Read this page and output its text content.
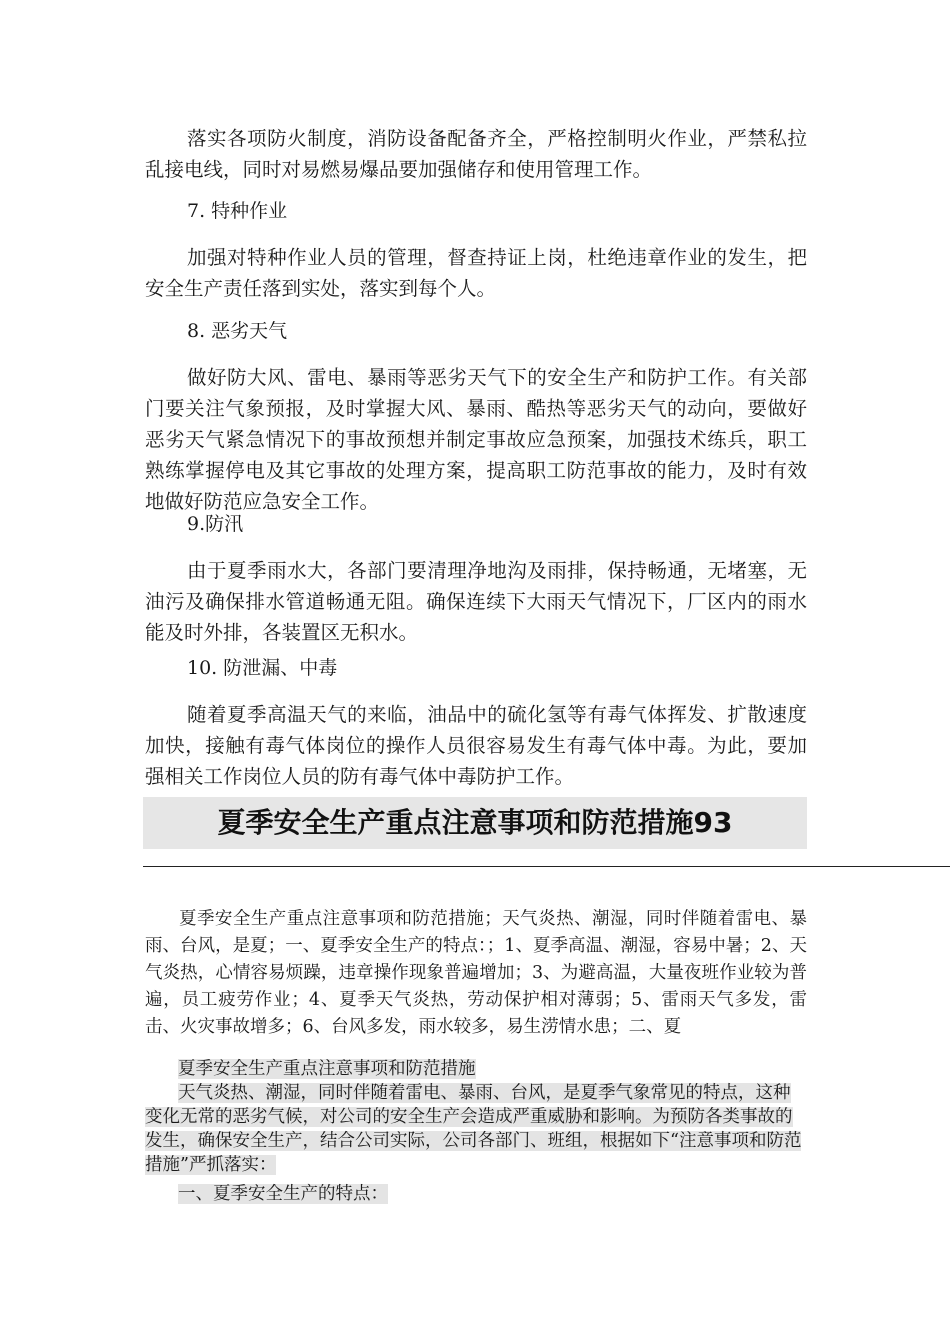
落实各项防火制度，消防设备配备齐全，严格控制明火作业，严禁私拉乱接电线，同时对易燃易爆品要加强储存和使用管理工作。

7. 特种作业

加强对特种作业人员的管理，督查持证上岗，杜绝违章作业的发生，把安全生产责任落到实处，落实到每个人。

8. 恶劣天气

做好防大风、雷电、暴雨等恶劣天气下的安全生产和防护工作。有关部门要关注气象预报，及时掌握大风、暴雨、酷热等恶劣天气的动向，要做好恶劣天气紧急情况下的事故预想并制定事故应急预案，加强技术练兵，职工熟练掌握停电及其它事故的处理方案，提高职工防范事故的能力，及时有效地做好防范应急安全工作。

9.防汛

由于夏季雨水大，各部门要清理净地沟及雨排，保持畅通，无堵塞，无油污及确保排水管道畅通无阻。确保连续下大雨天气情况下，厂区内的雨水能及时外排，各装置区无积水。

10. 防泄漏、中毒

随着夏季高温天气的来临，油品中的硫化氢等有毒气体挥发、扩散速度加快，接触有毒气体岗位的操作人员很容易发生有毒气体中毒。为此，要加强相关工作岗位人员的防有毒气体中毒防护工作。

夏季安全生产重点注意事项和防范措施93

夏季安全生产重点注意事项和防范措施；天气炎热、潮湿，同时伴随着雷电、暴雨、台风，是夏；一、夏季安全生产的特点：；1、夏季高温、潮湿，容易中暑；2、天气炎热，心情容易烦躁，违章操作现象普遍增加；3、为避高温，大量夜班作业较为普遍，员工疲劳作业；4、夏季天气炎热，劳动保护相对薄弱；5、雷雨天气多发，雷击、火灾事故增多；6、台风多发，雨水较多，易生涝情水患；二、夏

夏季安全生产重点注意事项和防范措施

天气炎热、潮湿，同时伴随着雷电、暴雨、台风，是夏季气象常见的特点，这种变化无常的恶劣气候，对公司的安全生产会造成严重威胁和影响。为预防各类事故的发生，确保安全生产，结合公司实际，公司各部门、班组，根据如下“注意事项和防范措施”严抓落实：

一、夏季安全生产的特点：
